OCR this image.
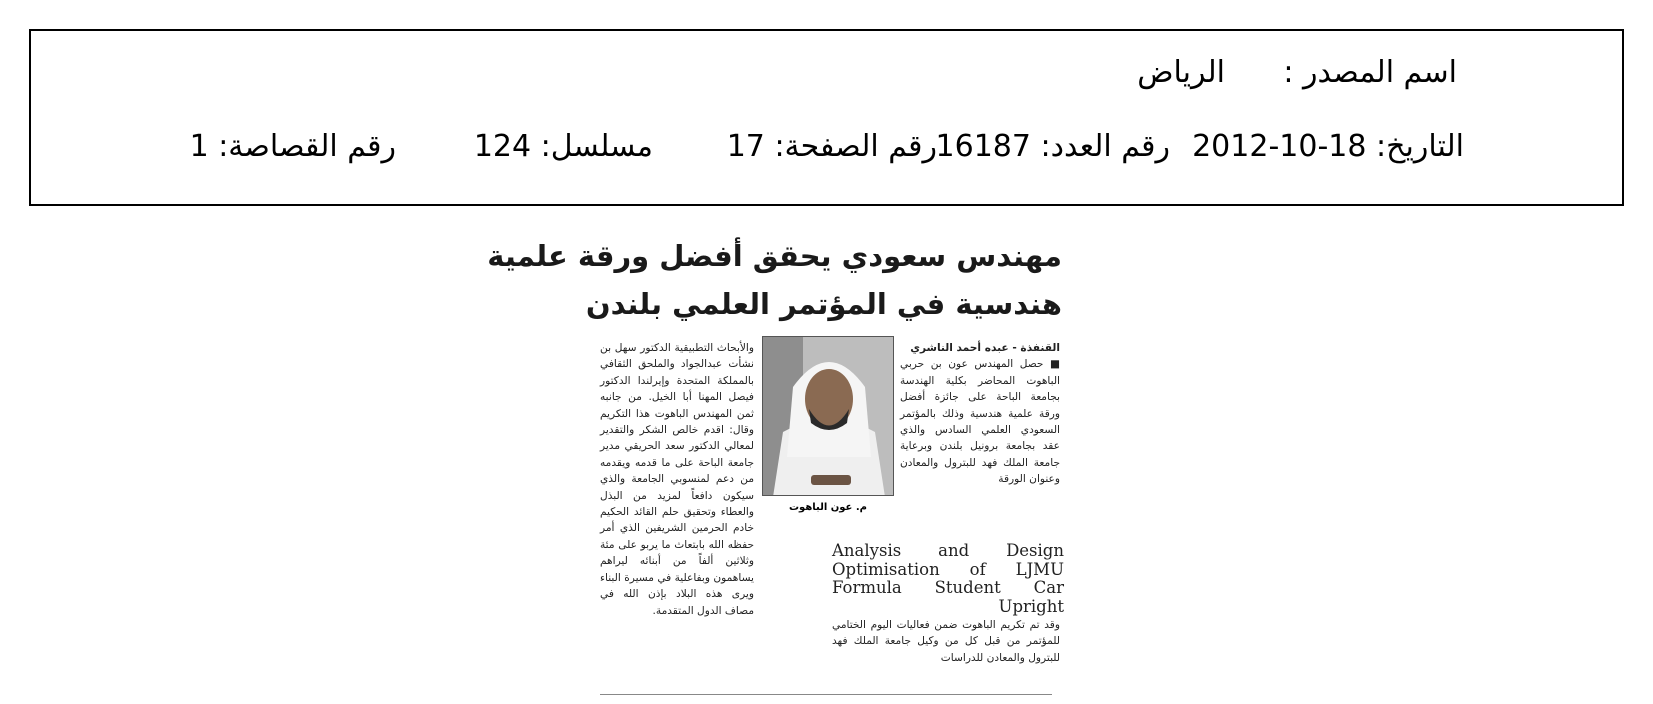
اسم المصدر :
الرياض
التاريخ: 18-10-2012
رقم العدد: 16187
رقم الصفحة: 17
مسلسل: 124
رقم القصاصة: 1
مهندس سعودي يحقق أفضل ورقة علمية
هندسية في المؤتمر العلمي بلندن

القنفذة - عبده أحمد الناشري

■ حصل المهندس عون بن حربي الباهوت المحاضر بكلية الهندسة بجامعة الباحة على جائزة أفضل ورقة علمية هندسية وذلك بالمؤتمر السعودي العلمي السادس والذي عقد بجامعة برونيل بلندن وبرعاية جامعة الملك فهد للبترول والمعادن وعنوان الورقة

م. عون الباهوت

والأبحاث التطبيقية الدكتور سهل بن نشأت عبدالجواد والملحق الثقافي بالمملكة المتحدة وإيرلندا الدكتور فيصل المهنا أبا الخيل. من جانبه ثمن المهندس الباهوت هذا التكريم وقال: اقدم خالص الشكر والتقدير لمعالي الدكتور سعد الحريقي مدير جامعة الباحة على ما قدمه ويقدمه من دعم لمنسوبي الجامعة والذي سيكون دافعاً لمزيد من البذل والعطاء وتحقيق حلم القائد الحكيم خادم الحرمين الشريفين الذي أمر حفظه الله بابتعاث ما يربو على مئة وثلاثين ألفاً من أبنائه ليراهم يساهمون وبفاعلية في مسيرة البناء ويرى هذه البلاد بإذن الله في مصاف الدول المتقدمة.

Analysis and Design Optimisation of LJMU Formula Student Car Upright

وقد تم تكريم الباهوت ضمن فعاليات اليوم الختامي للمؤتمر من قبل كل من وكيل جامعة الملك فهد للبترول والمعادن للدراسات
